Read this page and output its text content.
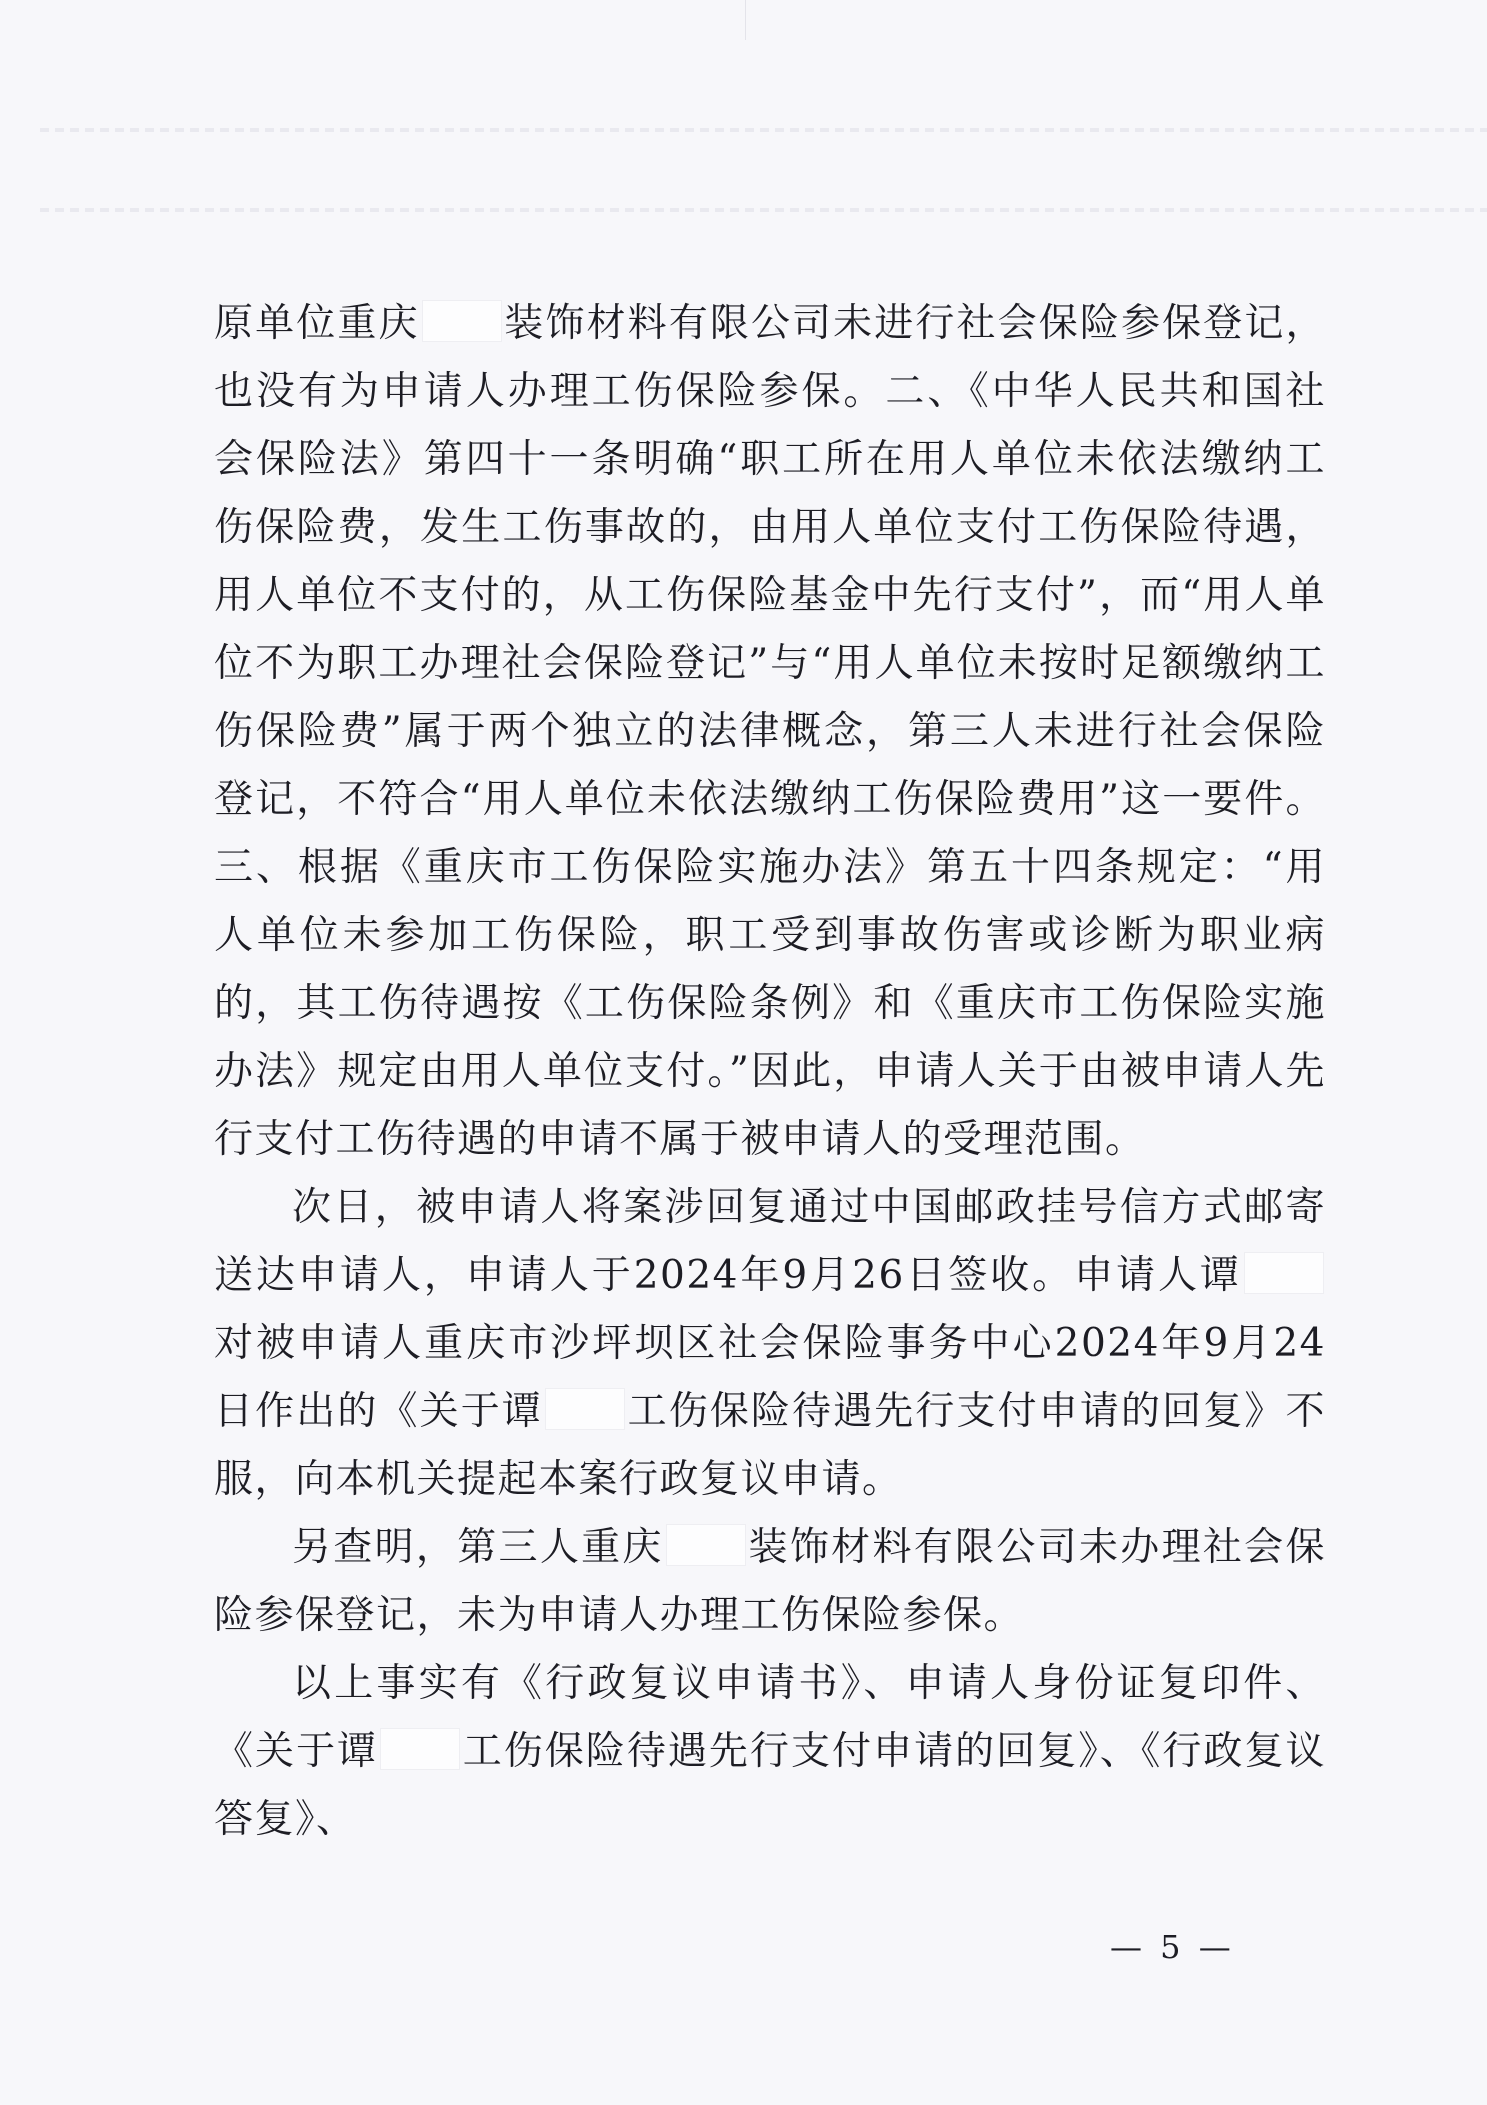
原单位重庆 装饰材料有限公司未进行社会保险参保登记，也没有为申请人办理工伤保险参保。二、《中华人民共和国社会保险法》第四十一条明确“职工所在用人单位未依法缴纳工伤保险费，发生工伤事故的，由用人单位支付工伤保险待遇，用人单位不支付的，从工伤保险基金中先行支付”，而“用人单位不为职工办理社会保险登记”与“用人单位未按时足额缴纳工伤保险费”属于两个独立的法律概念，第三人未进行社会保险登记，不符合“用人单位未依法缴纳工伤保险费用”这一要件。三、根据《重庆市工伤保险实施办法》第五十四条规定：“用人单位未参加工伤保险，职工受到事故伤害或诊断为职业病的，其工伤待遇按《工伤保险条例》和《重庆市工伤保险实施办法》规定由用人单位支付。”因此，申请人关于由被申请人先行支付工伤待遇的申请不属于被申请人的受理范围。

次日，被申请人将案涉回复通过中国邮政挂号信方式邮寄送达申请人，申请人于2024年9月26日签收。申请人谭对被申请人重庆市沙坪坝区社会保险事务中心2024年9月24日作出的《关于谭 工伤保险待遇先行支付申请的回复》不服，向本机关提起本案行政复议申请。

另查明，第三人重庆 装饰材料有限公司未办理社会保险参保登记，未为申请人办理工伤保险参保。

以上事实有《行政复议申请书》、申请人身份证复印件、《关于谭 工伤保险待遇先行支付申请的回复》、《行政复议答复》、

— 5 —
